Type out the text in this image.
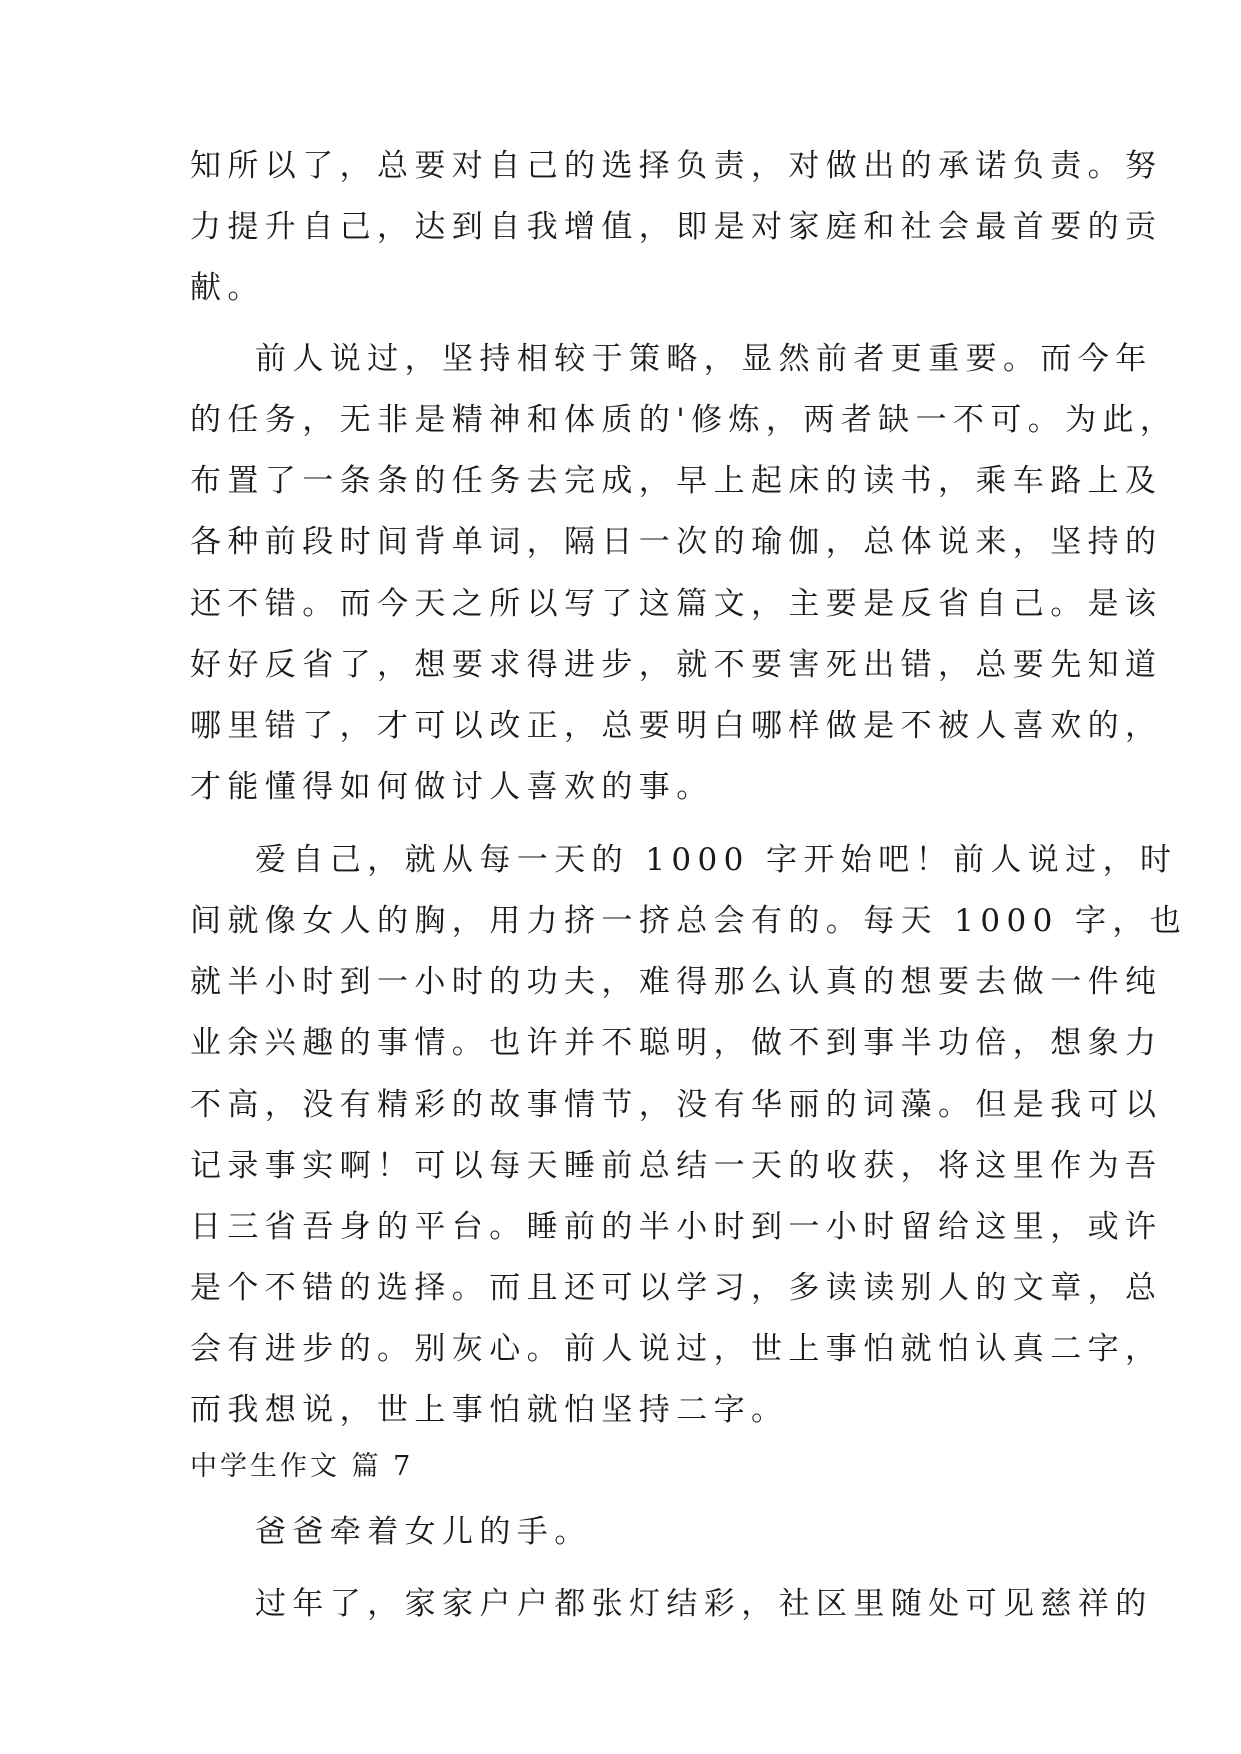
知所以了，总要对自己的选择负责，对做出的承诺负责。努
力提升自己，达到自我增值，即是对家庭和社会最首要的贡
献。
前人说过，坚持相较于策略，显然前者更重要。而今年
的任务，无非是精神和体质的'修炼，两者缺一不可。为此，
布置了一条条的任务去完成，早上起床的读书，乘车路上及
各种前段时间背单词，隔日一次的瑜伽，总体说来，坚持的
还不错。而今天之所以写了这篇文，主要是反省自己。是该
好好反省了，想要求得进步，就不要害死出错，总要先知道
哪里错了，才可以改正，总要明白哪样做是不被人喜欢的，
才能懂得如何做讨人喜欢的事。
爱自己，就从每一天的 1000 字开始吧！前人说过，时
间就像女人的胸，用力挤一挤总会有的。每天 1000 字，也
就半小时到一小时的功夫，难得那么认真的想要去做一件纯
业余兴趣的事情。也许并不聪明，做不到事半功倍，想象力
不高，没有精彩的故事情节，没有华丽的词藻。但是我可以
记录事实啊！可以每天睡前总结一天的收获，将这里作为吾
日三省吾身的平台。睡前的半小时到一小时留给这里，或许
是个不错的选择。而且还可以学习，多读读别人的文章，总
会有进步的。别灰心。前人说过，世上事怕就怕认真二字，
而我想说，世上事怕就怕坚持二字。
中学生作文 篇 7
爸爸牵着女儿的手。
过年了，家家户户都张灯结彩，社区里随处可见慈祥的
